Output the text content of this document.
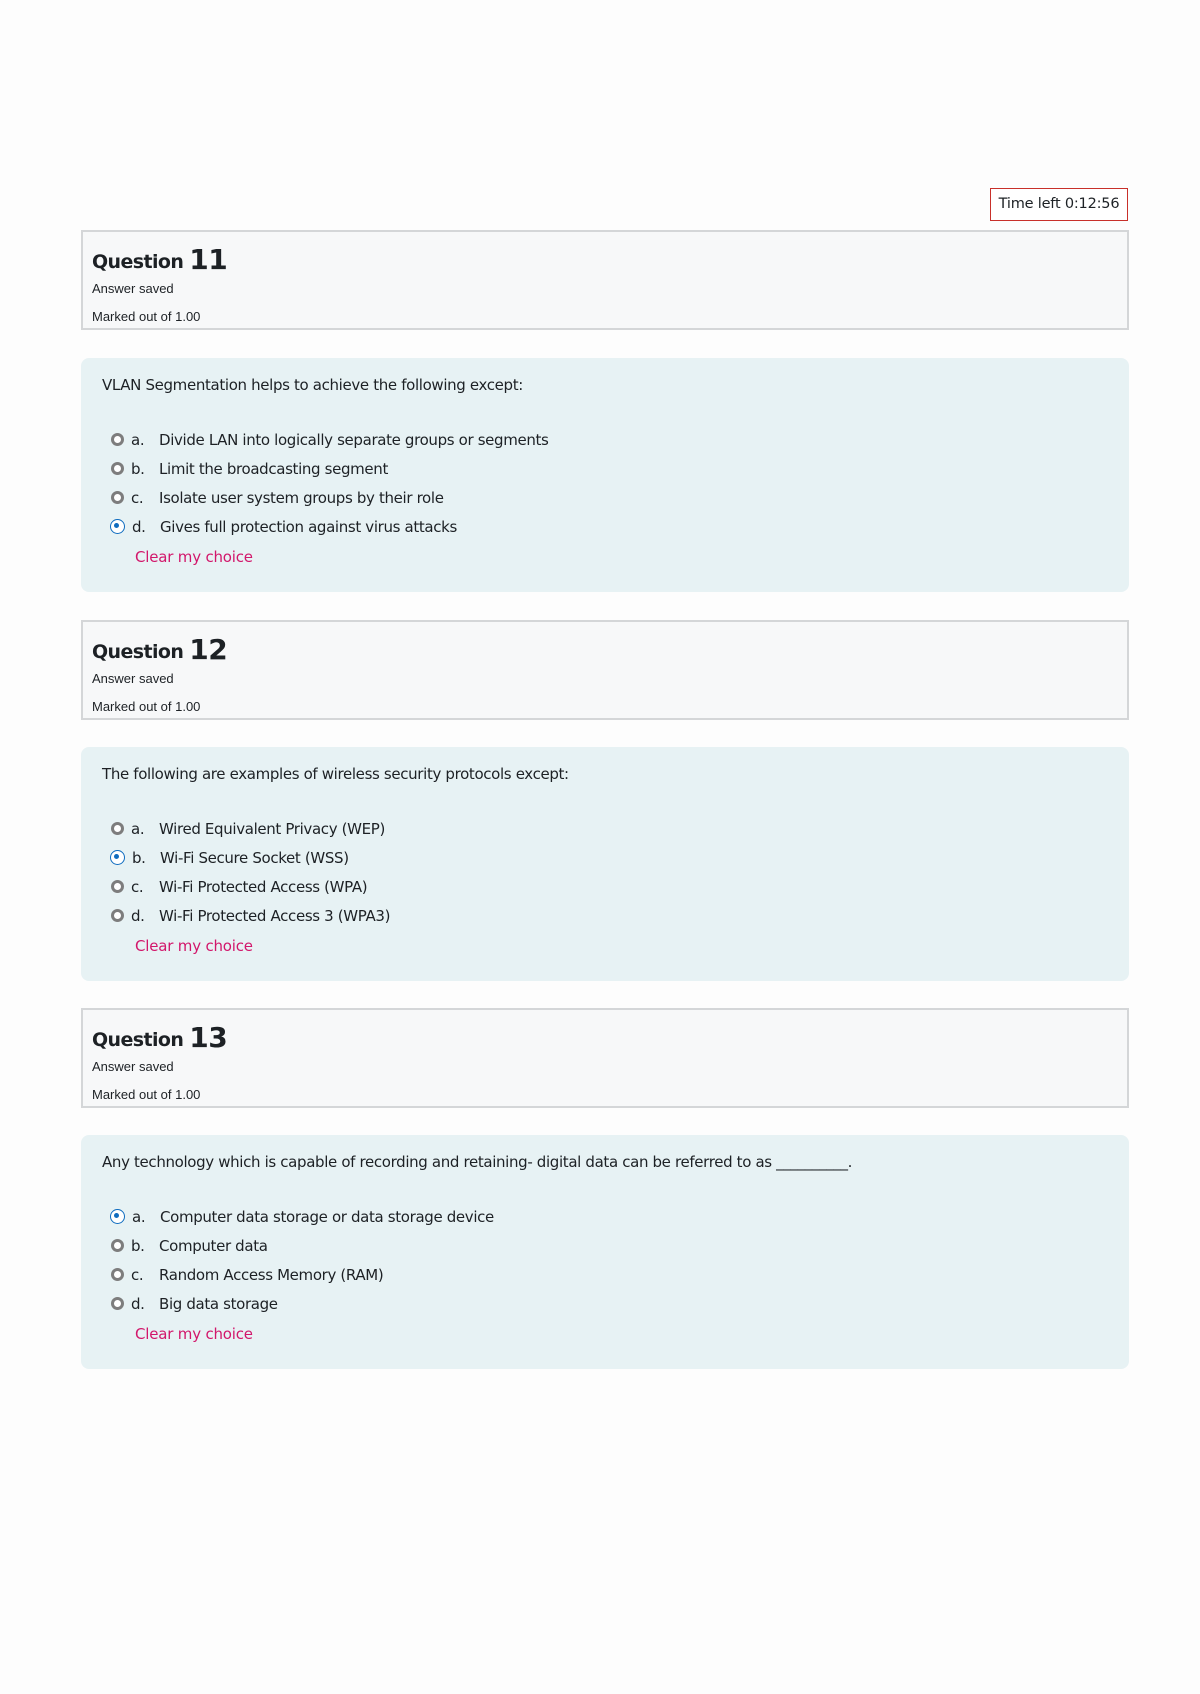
Time left 0:12:56
Question 11
Answer saved
Marked out of 1.00
VLAN Segmentation helps to achieve the following except:
a. Divide LAN into logically separate groups or segments
b. Limit the broadcasting segment
c.	Isolate user system groups by their role
d. Gives full protection against virus attacks
Clear my choice
Question 12
Answer saved
Marked out of 1.00
The following are examples of wireless security protocols except:
a. Wired Equivalent Privacy (WEP)
b. Wi-Fi Secure Socket (WSS)
c.	Wi-Fi Protected Access (WPA)
d. Wi-Fi Protected Access 3 (WPA3)
Clear my choice
Question 13
Answer saved
Marked out of 1.00
Any technology which is capable of recording and retaining- digital data can be referred to as __________.
a. Computer data storage or data storage device
b. Computer data
c.	Random Access Memory (RAM)
d. Big data storage
Clear my choice
